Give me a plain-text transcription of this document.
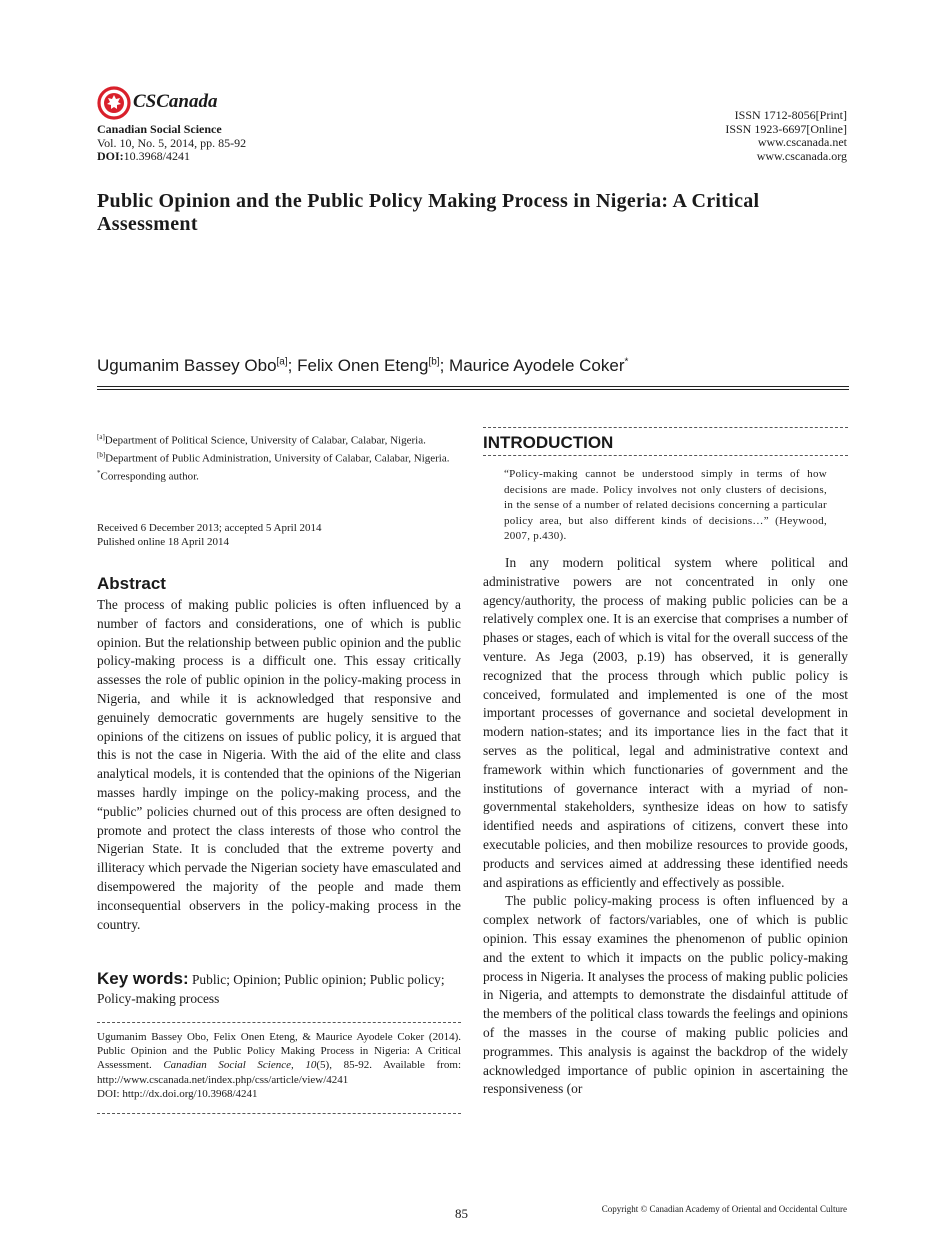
CSCanada
Canadian Social Science
Vol. 10, No. 5, 2014, pp. 85-92
DOI:10.3968/4241
ISSN 1712-8056[Print]
ISSN 1923-6697[Online]
www.cscanada.net
www.cscanada.org
Public Opinion and the Public Policy Making Process in Nigeria: A Critical Assessment
Ugumanim Bassey Obo[a]; Felix Onen Eteng[b]; Maurice Ayodele Coker*
[a]Department of Political Science, University of Calabar, Calabar, Nigeria.
[b]Department of Public Administration, University of Calabar, Calabar, Nigeria.
*Corresponding author.
Received 6 December 2013; accepted 5 April 2014
Pulished online 18 April 2014
Abstract
The process of making public policies is often influenced by a number of factors and considerations, one of which is public opinion. But the relationship between public opinion and the public policy-making process is a difficult one. This essay critically assesses the role of public opinion in the policy-making process in Nigeria, and while it is acknowledged that responsive and genuinely democratic governments are hugely sensitive to the opinions of the citizens on issues of public policy, it is argued that this is not the case in Nigeria. With the aid of the elite and class analytical models, it is contended that the opinions of the Nigerian masses hardly impinge on the policy-making process, and the “public” policies churned out of this process are often designed to promote and protect the class interests of those who control the Nigerian State. It is concluded that the extreme poverty and illiteracy which pervade the Nigerian society have emasculated and disempowered the majority of the people and made them inconsequential observers in the policy-making process in the country.
Key words: Public; Opinion; Public opinion; Public policy; Policy-making process
Ugumanim Bassey Obo, Felix Onen Eteng, & Maurice Ayodele Coker (2014). Public Opinion and the Public Policy Making Process in Nigeria: A Critical Assessment. Canadian Social Science, 10(5), 85-92. Available from: http://www.cscanada.net/index.php/css/article/view/4241
DOI: http://dx.doi.org/10.3968/4241
INTRODUCTION
“Policy-making cannot be understood simply in terms of how decisions are made. Policy involves not only clusters of decisions, in the sense of a number of related decisions concerning a particular policy area, but also different kinds of decisions…” (Heywood, 2007, p.430).

In any modern political system where political and administrative powers are not concentrated in only one agency/authority, the process of making public policies can be a relatively complex one. It is an exercise that comprises a number of phases or stages, each of which is vital for the overall success of the venture. As Jega (2003, p.19) has observed, it is generally recognized that the process through which public policy is conceived, formulated and implemented is one of the most important processes of governance and societal development in modern nation-states; and its importance lies in the fact that it serves as the political, legal and administrative context and framework within which functionaries of government and the institutions of governance interact with a myriad of non-governmental stakeholders, synthesize ideas on how to satisfy identified needs and aspirations of citizens, convert these into executable policies, and then mobilize resources to provide goods, products and services aimed at addressing these identified needs and aspirations as efficiently and effectively as possible.

The public policy-making process is often influenced by a complex network of factors/variables, one of which is public opinion. This essay examines the phenomenon of public opinion and the extent to which it impacts on the public policy-making process in Nigeria. It analyses the process of making public policies in Nigeria, and attempts to demonstrate the disdainful attitude of the members of the political class towards the feelings and opinions of the masses in the course of making public policies and programmes. This analysis is against the backdrop of the widely acknowledged importance of public opinion in ascertaining the responsiveness (or

85	Copyright © Canadian Academy of Oriental and Occidental Culture
